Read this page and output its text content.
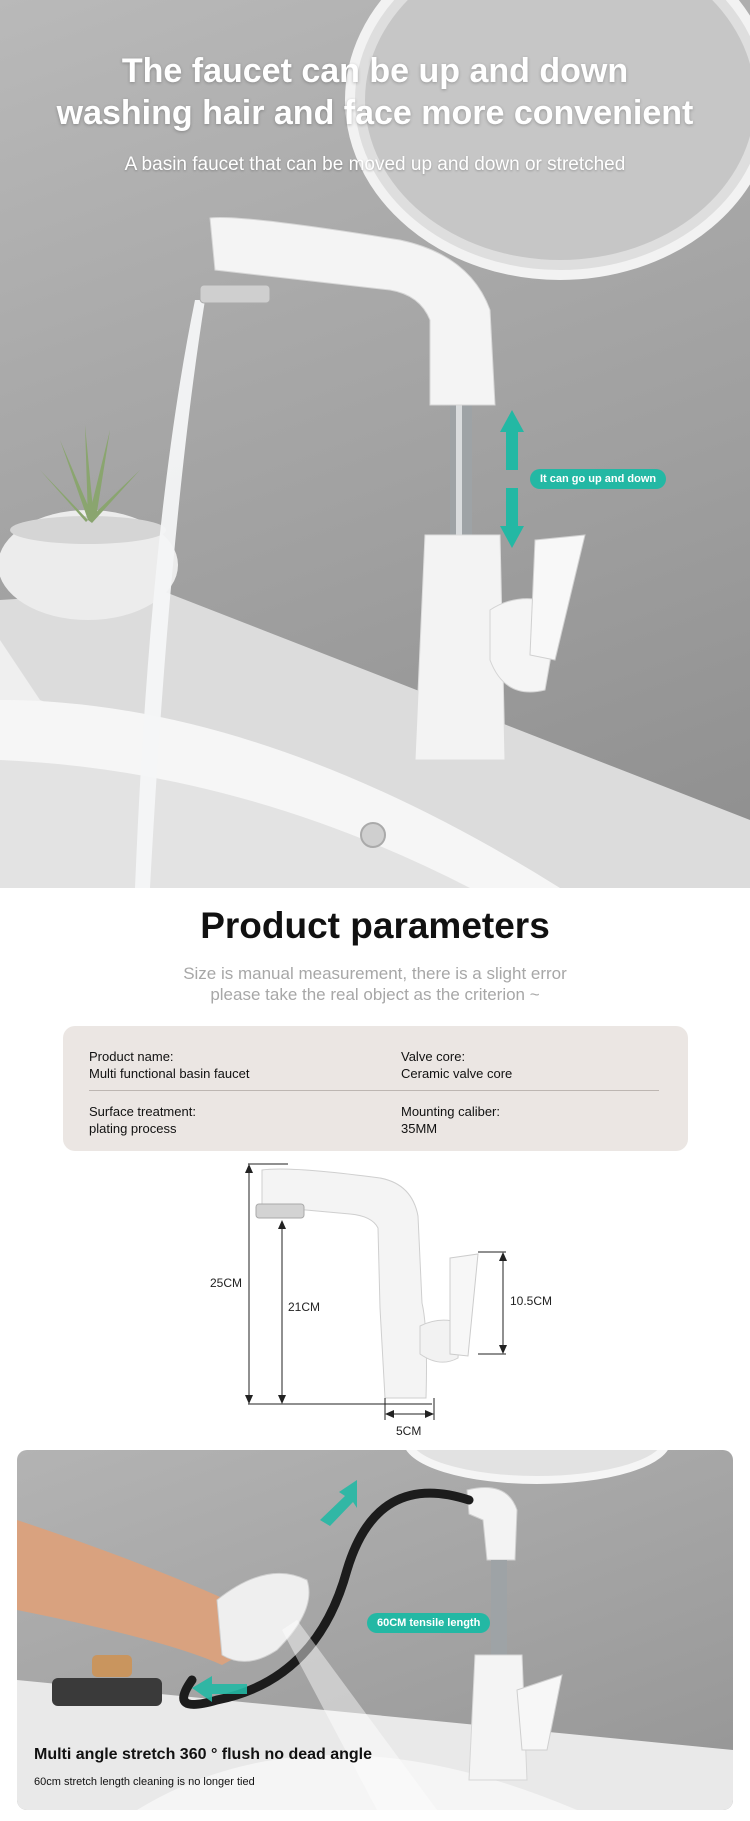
The faucet can be up and down
washing hair and face more convenient
A basin faucet that can be moved up and down or stretched
It can go up and down
Product parameters
Size is manual measurement, there is a slight error
please take the real object as the criterion ~
Product name:
Multi functional basin faucet
Valve core:
Ceramic valve core
Surface treatment:
plating process
Mounting caliber:
35MM
25CM
21CM	10.5CM
5CM
60CM tensile length
Multi angle stretch 360 ° flush no dead angle
60cm stretch length cleaning is no longer tied
